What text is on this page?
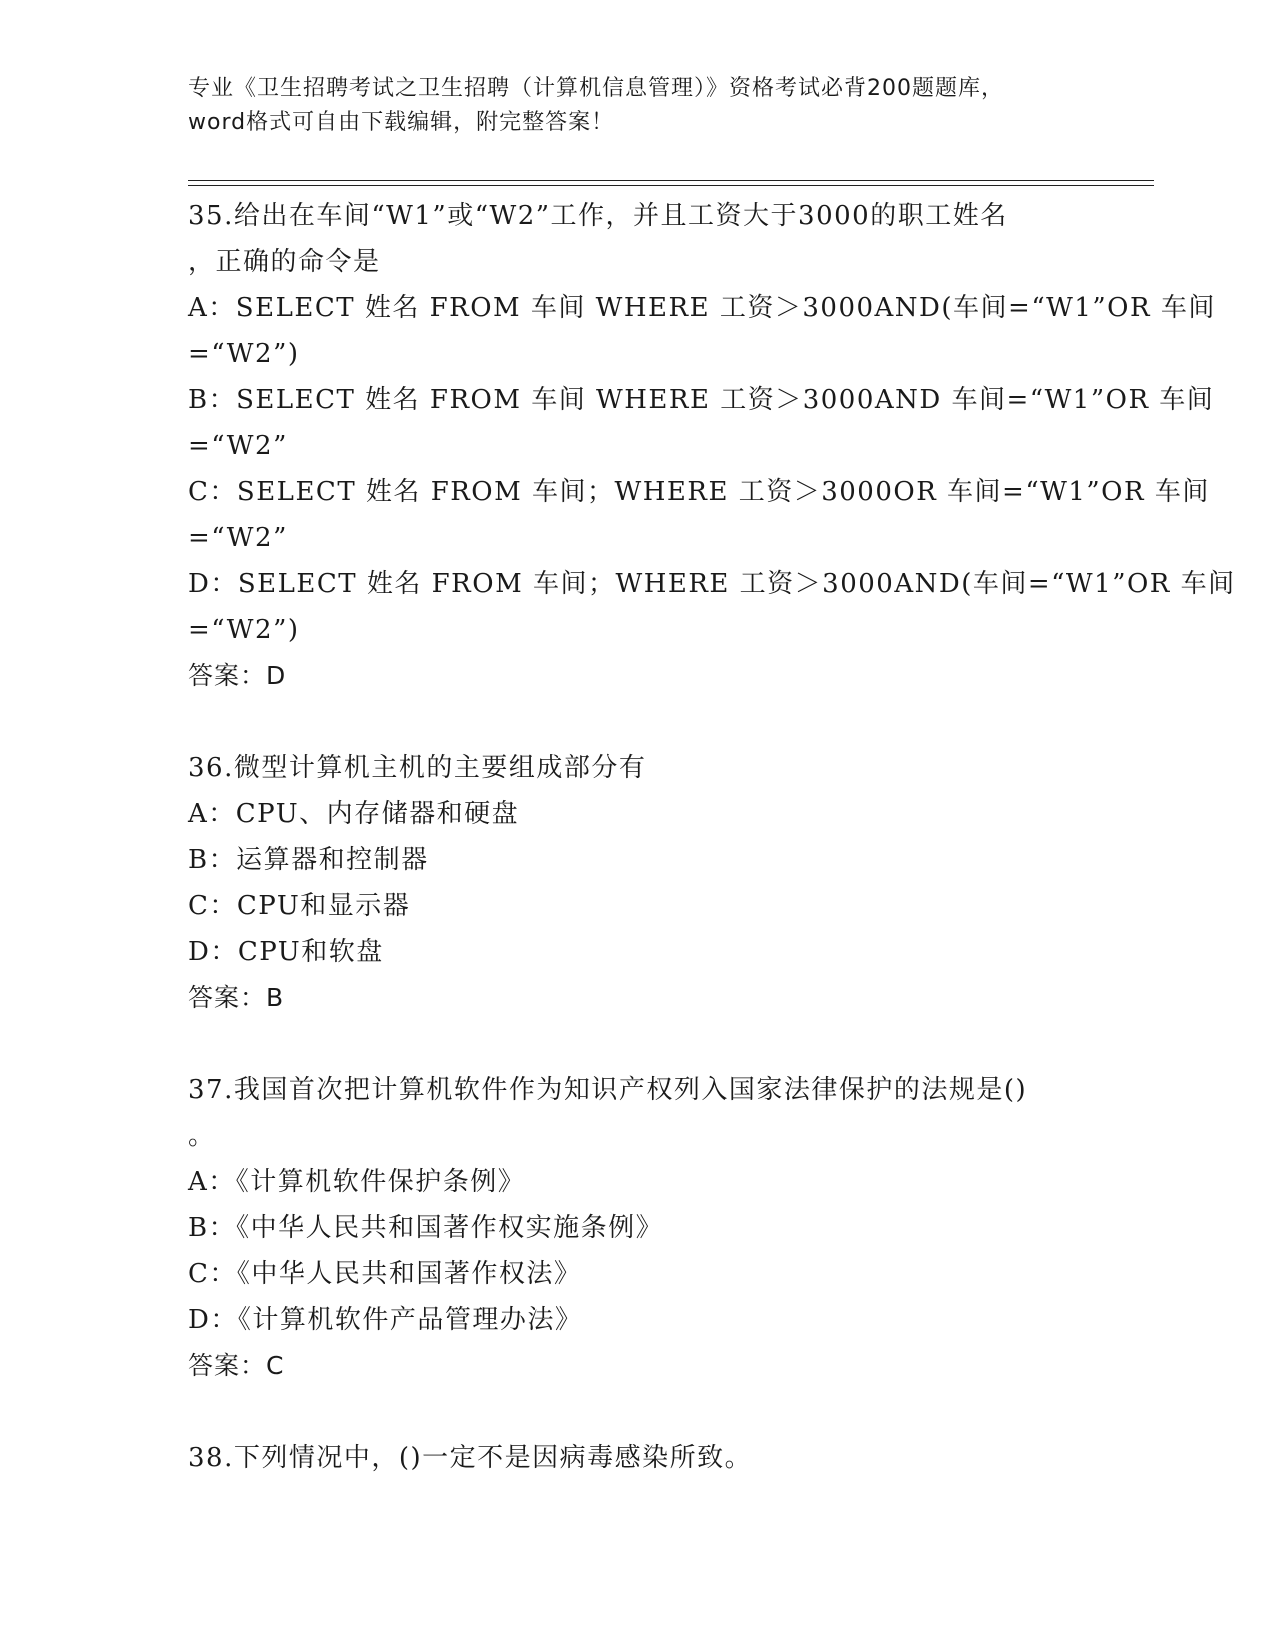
专业《卫生招聘考试之卫生招聘（计算机信息管理）》资格考试必背200题题库，
word格式可自由下载编辑，附完整答案！
35.给出在车间“W1”或“W2”工作，并且工资大于3000的职工姓名
，正确的命令是
A：SELECT 姓名 FROM 车间 WHERE 工资＞3000AND(车间=“W1”OR 车间
=“W2”)
B：SELECT 姓名 FROM 车间 WHERE 工资＞3000AND 车间=“W1”OR 车间
=“W2”
C：SELECT 姓名 FROM 车间；WHERE 工资＞3000OR 车间=“W1”OR 车间
=“W2”
D：SELECT 姓名 FROM 车间；WHERE 工资＞3000AND(车间=“W1”OR 车间
=“W2”)
答案：D
36.微型计算机主机的主要组成部分有
A：CPU、内存储器和硬盘
B：运算器和控制器
C：CPU和显示器
D：CPU和软盘
答案：B
37.我国首次把计算机软件作为知识产权列入国家法律保护的法规是()
。
A：《计算机软件保护条例》
B：《中华人民共和国著作权实施条例》
C：《中华人民共和国著作权法》
D：《计算机软件产品管理办法》
答案：C
38.下列情况中，()一定不是因病毒感染所致。
